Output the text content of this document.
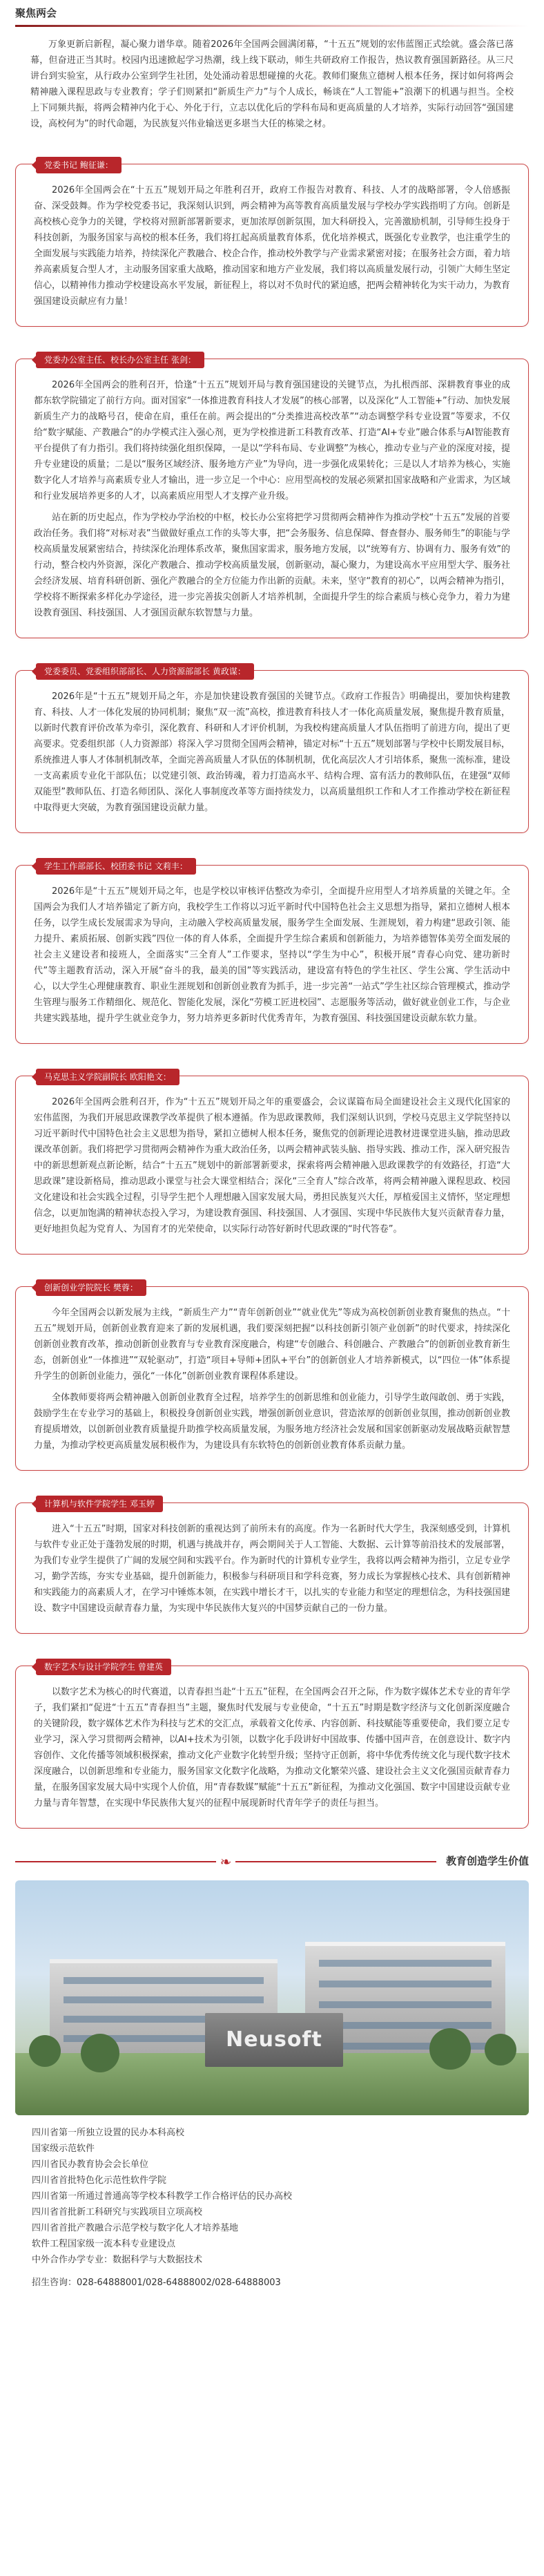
聚焦两会

万象更新启新程，凝心聚力谱华章。随着2026年全国两会圆满闭幕，“十五五”规划的宏伟蓝图正式绘就。盛会落已落幕，但奋进正当其时。校园内迅速掀起学习热潮，线上线下联动，师生共研政府工作报告，热议教育强国新路径。从三尺讲台到实验室，从行政办公室到学生社团，处处涌动着思想碰撞的火花。教师们聚焦立德树人根本任务，探讨如何将两会精神融入课程思政与专业教育；学子们则紧扣“新质生产力”与个人成长，畅谈在“人工智能+”浪潮下的机遇与担当。全校上下同频共振，将两会精神内化于心、外化于行，立志以优化后的学科布局和更高质量的人才培养，实际行动回答“强国建设，高校何为”的时代命题，为民族复兴伟业输送更多堪当大任的栋梁之材。

党委书记 鲍征谦：

2026年全国两会在“十五五”规划开局之年胜利召开，政府工作报告对教育、科技、人才的战略部署，令人倍感振奋、深受鼓舞。作为学校党委书记，我深刻认识到，两会精神为高等教育高质量发展与学校办学实践指明了方向。创新是高校核心竞争力的关键，学校将对照新部署新要求，更加浓厚创新氛围，加大科研投入，完善激励机制，引导师生投身于科技创新，为服务国家与高校的根本任务，我们将扛起高质量教育体系，优化培养模式，既强化专业教学，也注重学生的全面发展与实践能力培养，持续深化产教融合、校企合作，推动校外教学与产业需求紧密对接；在服务社会方面，着力培养高素质复合型人才，主动服务国家重大战略，推动国家和地方产业发展，我们将以高质量发展行动，引领广大师生坚定信心，以精神伟力推动学校建设高水平发展，新征程上，将以对不负时代的紧迫感，把两会精神转化为实干动力，为教育强国建设贡献应有力量！

党委办公室主任、校长办公室主任 张剑：

2026年全国两会的胜利召开，恰逢“十五五”规划开局与教育强国建设的关键节点，为扎根西部、深耕教育事业的成都东软学院锚定了前行方向。面对国家“一体推进教育科技人才发展”的核心部署，以及深化“人工智能+”行动、加快发展新质生产力的战略号召，使命在肩，重任在前。两会提出的“分类推进高校改革”“动态调整学科专业设置”等要求，不仅给“数字赋能、产教融合”的办学模式注入强心剂，更为学校推进新工科教育改革、打造“AI+专业”融合体系与AI智能教育平台提供了有力指引。我们将持续强化组织保障，一是以“学科布局、专业调整”为核心，推动专业与产业的深度对接，提升专业建设的质量；二是以“服务区域经济、服务地方产业”为导向，进一步强化成果转化；三是以人才培养为核心，实施数字化人才培养与高素质专业人才输出，进一步立足一个中心：应用型高校的发展必须紧扣国家战略和产业需求，为区域和行业发展培养更多的人才，以高素质应用型人才支撑产业升级。

站在新的历史起点，作为学校办学治校的中枢，校长办公室将把学习贯彻两会精神作为推动学校“十五五”发展的首要政治任务。我们将“对标对表”当做做好重点工作的头等大事，把“会务服务、信息保障、督查督办、服务师生”的职能与学校高质量发展紧密结合，持续深化治理体系改革，聚焦国家需求，服务地方发展，以“统筹有方、协调有力、服务有效”的行动，整合校内外资源，深化产教融合、推动学校高质量发展，创新驱动，凝心聚力，为建设高水平应用型大学、服务社会经济发展、培育科研创新、强化产教融合的全方位能力作出新的贡献。未来，坚守“教育的初心”，以两会精神为指引，学校将不断探索多样化办学途径，进一步完善拔尖创新人才培养机制，全面提升学生的综合素质与核心竞争力，着力为建设教育强国、科技强国、人才强国贡献东软智慧与力量。

党委委员、党委组织部部长、人力资源部部长 黄政谋：

2026年是“十五五”规划开局之年，亦是加快建设教育强国的关键节点。《政府工作报告》明确提出，要加快构建教育、科技、人才一体化发展的协同机制；聚焦“双一流”高校，推进教育科技人才一体化高质量发展，聚焦提升教育质量，以新时代教育评价改革为牵引，深化教育、科研和人才评价机制，为我校构建高质量人才队伍指明了前进方向，提出了更高要求。党委组织部（人力资源部）将深入学习贯彻全国两会精神，锚定对标“十五五”规划部署与学校中长期发展目标，系统推进人事人才体制机制改革，全面完善高质量人才队伍的体制机制，优化高层次人才引培体系，聚焦一流标准，建设一支高素质专业化干部队伍；以党建引领、政治铸魂，着力打造高水平、结构合理、富有活力的教师队伍，在建强“双师双能型”教师队伍、打造名师团队、深化人事制度改革等方面持续发力，以高质量组织工作和人才工作推动学校在新征程中取得更大突破，为教育强国建设贡献力量。

学生工作部部长、校团委书记 文莉丰：

2026年是“十五五”规划开局之年，也是学校以审核评估整改为牵引，全面提升应用型人才培养质量的关键之年。全国两会为我们人才培养锚定了新方向，我校学生工作将以习近平新时代中国特色社会主义思想为指导，紧扣立德树人根本任务，以学生成长发展需求为导向，主动融入学校高质量发展，服务学生全面发展、生涯规划，着力构建“思政引领、能力提升、素质拓展、创新实践”四位一体的育人体系，全面提升学生综合素质和创新能力，为培养德智体美劳全面发展的社会主义建设者和接班人，全面落实“三全育人”工作要求，坚持以“学生为中心”，积极开展“青春心向党、建功新时代”等主题教育活动，深入开展“奋斗的我，最美的国”等实践活动，建设富有特色的学生社区、学生公寓、学生活动中心，以大学生心理健康教育、职业生涯规划和创新创业教育为抓手，进一步完善“一站式”学生社区综合管理模式，推动学生管理与服务工作精细化、规范化、智能化发展，深化“劳模工匠进校园”、志愿服务等活动，做好就业创业工作，与企业共建实践基地，提升学生就业竞争力，努力培养更多新时代优秀青年，为教育强国、科技强国建设贡献东软力量。

马克思主义学院副院长 欧阳艳文：

2026年全国两会胜利召开，作为“十五五”规划开局之年的重要盛会，会议谋篇布局全面建设社会主义现代化国家的宏伟蓝图，为我们开展思政课教学改革提供了根本遵循。作为思政课教师，我们深刻认识到，学校马克思主义学院坚持以习近平新时代中国特色社会主义思想为指导，紧扣立德树人根本任务，聚焦党的创新理论进教材进课堂进头脑，推动思政课改革创新。我们将把学习贯彻两会精神作为重大政治任务，以两会精神武装头脑、指导实践、推动工作，深入研究报告中的新思想新观点新论断，结合“十五五”规划中的新部署新要求，探索将两会精神融入思政课教学的有效路径，打造“大思政课”建设新格局，推动思政小课堂与社会大课堂相结合；深化“三全育人”综合改革，将两会精神融入课程思政、校园文化建设和社会实践全过程，引导学生把个人理想融入国家发展大局，勇担民族复兴大任，厚植爱国主义情怀，坚定理想信念，以更加饱满的精神状态投入学习，为建设教育强国、科技强国、人才强国、实现中华民族伟大复兴贡献青春力量，更好地担负起为党育人、为国育才的光荣使命，以实际行动答好新时代思政课的“时代答卷”。

创新创业学院院长 樊蓉：

今年全国两会以新发展为主线，“新质生产力”“青年创新创业”“就业优先”等成为高校创新创业教育聚焦的热点。“十五五”规划开局，创新创业教育迎来了新的发展机遇，我们要深刻把握“以科技创新引领产业创新”的时代要求，持续深化创新创业教育改革，推动创新创业教育与专业教育深度融合，构建“专创融合、科创融合、产教融合”的创新创业教育新生态，创新创业“一体推进”“双轮驱动”，打造“项目+导师+团队+平台”的创新创业人才培养新模式，以“四位一体”体系提升学生的创新创业能力，强化“一体化”创新创业教育课程体系建设。

全体教师要将两会精神融入创新创业教育全过程，培养学生的创新思维和创业能力，引导学生敢闯敢创、勇于实践，鼓励学生在专业学习的基础上，积极投身创新创业实践，增强创新创业意识，营造浓厚的创新创业氛围，推动创新创业教育提质增效，以创新创业教育质量提升助推学校高质量发展，为服务地方经济社会发展和国家创新驱动发展战略贡献智慧力量，为推动学校更高质量发展积极作为，为建设具有东软特色的创新创业教育体系贡献力量。

计算机与软件学院学生 邓玉婷

进入“十五五”时期，国家对科技创新的重视达到了前所未有的高度。作为一名新时代大学生，我深刻感受到，计算机与软件专业正处于蓬勃发展的时期，机遇与挑战并存，两会期间关于人工智能、大数据、云计算等前沿技术的发展部署，为我们专业学生提供了广阔的发展空间和实践平台。作为新时代的计算机专业学生，我将以两会精神为指引，立足专业学习，勤学苦练，夯实专业基础，提升创新能力，积极参与科研项目和学科竞赛，努力成长为掌握核心技术、具有创新精神和实践能力的高素质人才，在学习中锤炼本领，在实践中增长才干，以扎实的专业能力和坚定的理想信念，为科技强国建设、数字中国建设贡献青春力量，为实现中华民族伟大复兴的中国梦贡献自己的一份力量。

数字艺术与设计学院学生 曾建英

以数字艺术为核心的时代赛道，以青春担当赴“十五五”征程，在全国两会召开之际，作为数字媒体艺术专业的青年学子，我们紧扣“促进“十五五”青春担当”主题，聚焦时代发展与专业使命，“十五五”时期是数字经济与文化创新深度融合的关键阶段，数字媒体艺术作为科技与艺术的交汇点，承载着文化传承、内容创新、科技赋能等重要使命，我们要立足专业学习，深入学习贯彻两会精神，以AI+技术为引领，以数字化手段讲好中国故事、传播中国声音，在创意设计、数字内容创作、文化传播等领域积极探索，推动文化产业数字化转型升级；坚持守正创新，将中华优秀传统文化与现代数字技术深度融合，以创新思维和专业能力，服务国家文化数字化战略，为推动文化繁荣兴盛、建设社会主义文化强国贡献青春力量，在服务国家发展大局中实现个人价值，用“青春数媒”赋能“十五五”新征程，为推动文化强国、数字中国建设贡献专业力量与青年智慧，在实现中华民族伟大复兴的征程中展现新时代青年学子的责任与担当。

❧	教育创造学生价值
Neusoft
四川省第一所独立设置的民办本科高校
国家级示范软件
四川省民办教育协会会长单位
四川省首批特色化示范性软件学院
四川省第一所通过普通高等学校本科教学工作合格评估的民办高校
四川省首批新工科研究与实践项目立项高校
四川省首批产教融合示范学校与数字化人才培养基地
软件工程国家级一流本科专业建设点
中外合作办学专业：数据科学与大数据技术
招生咨询：028-64888001/028-64888002/028-64888003
